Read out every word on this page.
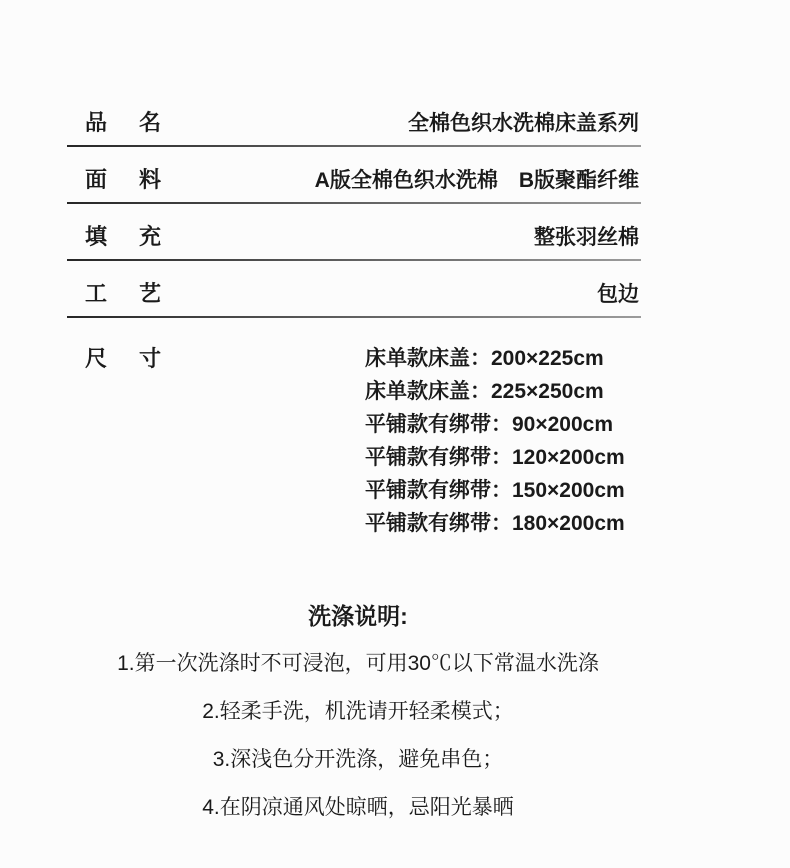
品名	全棉色织水洗棉床盖系列
面料	A版全棉色织水洗棉　B版聚酯纤维
填充	整张羽丝棉
工艺	包边
尺寸	床单款床盖：200×225cm
床单款床盖：225×250cm
平铺款有绑带：90×200cm
平铺款有绑带：120×200cm
平铺款有绑带：150×200cm
平铺款有绑带：180×200cm
洗涤说明:
1.第一次洗涤时不可浸泡，可用30℃以下常温水洗涤
2.轻柔手洗，机洗请开轻柔模式；
3.深浅色分开洗涤，避免串色；
4.在阴凉通风处晾晒，忌阳光暴晒
